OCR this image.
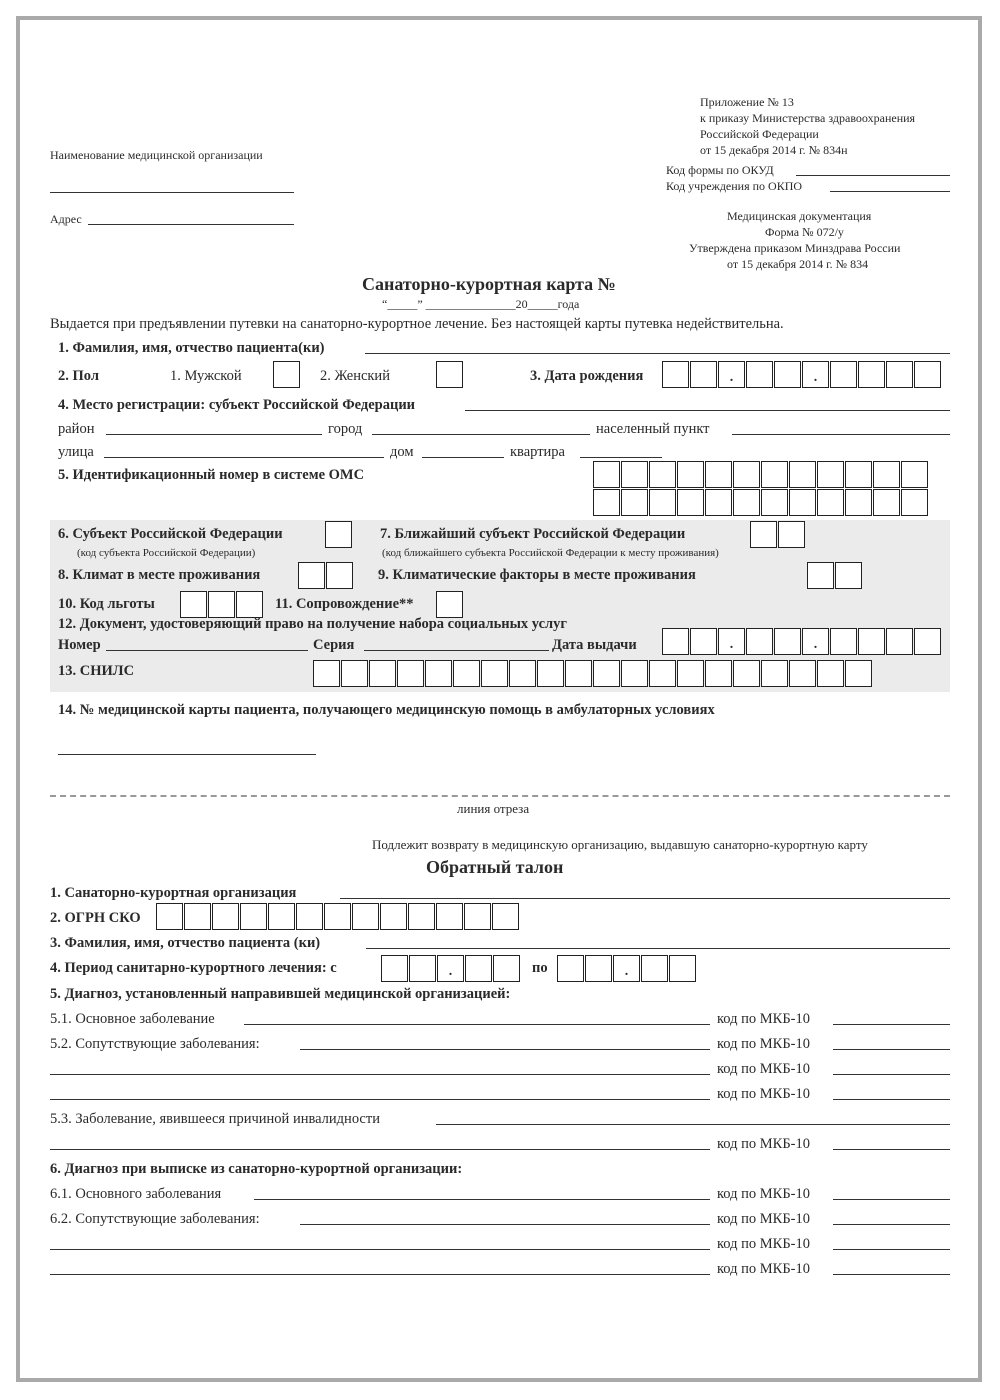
Наименование медицинской организации
Адрес
Приложение № 13
к приказу Министерства здравоохранения
Российской Федерации
от 15 декабря 2014 г. № 834н
Код формы по ОКУД
Код учреждения по ОКПО
Медицинская документация
Форма № 072/у
Утверждена приказом Минздрава России
от 15 декабря 2014 г. № 834
Санаторно-курортная карта №
“_____” _______________20_____года
Выдается при предъявлении путевки на санаторно-курортное лечение. Без настоящей карты путевка недействительна.
1. Фамилия, имя, отчество пациента(ки)
2. Пол	1. Мужской	2. Женский	3. Дата рождения	.	.
4. Место регистрации: субъект Российской Федерации
район	город	населенный пункт
улица	дом	квартира
5. Идентификационный номер в системе ОМС
6. Субъект Российской Федерации
(код субъекта Российской Федерации)
7. Ближайший субъект Российской Федерации
(код ближайшего субъекта Российской Федерации к месту проживания)
8. Климат в месте проживания	9. Климатические факторы в месте проживания
10. Код льготы	11. Сопровождение**
12. Документ, удостоверяющий право на получение набора социальных услуг
Номер	Серия	Дата выдачи	.	.
13. СНИЛС
14. № медицинской карты пациента, получающего медицинскую помощь в амбулаторных условиях
линия отреза
Подлежит возврату в медицинскую организацию, выдавшую санаторно-курортную карту
Обратный талон
1. Санаторно-курортная организация
2. ОГРН СКО
3. Фамилия, имя, отчество пациента (ки)
4. Период санитарно-курортного лечения: с	.	по	.
5. Диагноз, установленный направившей медицинской организацией:
5.1. Основное заболевание	код по МКБ-10
5.2. Сопутствующие заболевания:	код по МКБ-10
код по МКБ-10
код по МКБ-10
5.3. Заболевание, явившееся причиной инвалидности
код по МКБ-10
6. Диагноз при выписке из санаторно-курортной организации:
6.1. Основного заболевания	код по МКБ-10
6.2. Сопутствующие заболевания:	код по МКБ-10
код по МКБ-10
код по МКБ-10
